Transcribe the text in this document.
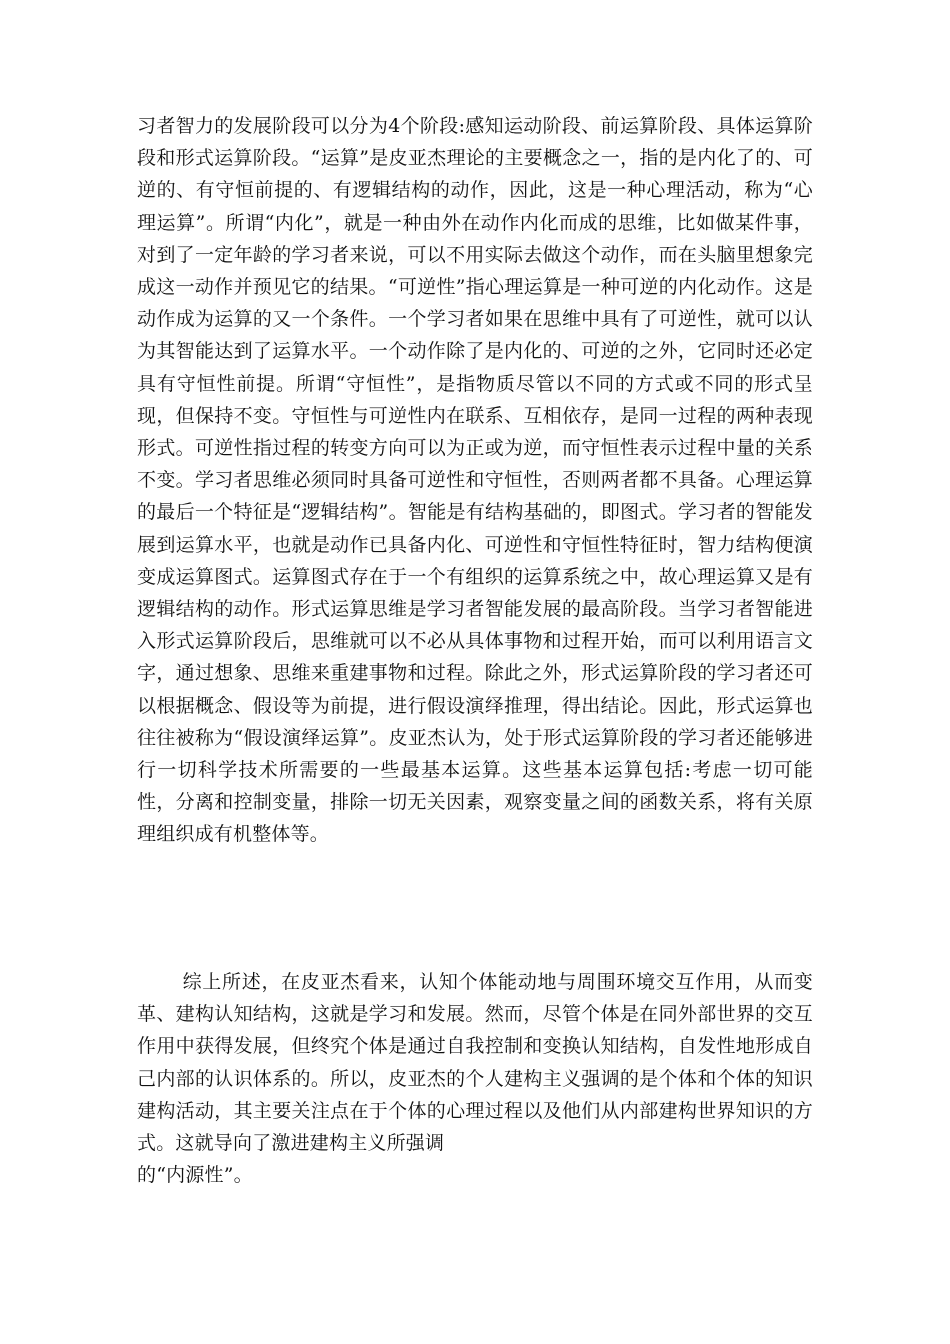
习者智力的发展阶段可以分为4个阶段:感知运动阶段、前运算阶段、具体运算阶段和形式运算阶段。“运算”是皮亚杰理论的主要概念之一，指的是内化了的、可逆的、有守恒前提的、有逻辑结构的动作，因此，这是一种心理活动，称为“心理运算”。所谓“内化”，就是一种由外在动作内化而成的思维，比如做某件事，对到了一定年龄的学习者来说，可以不用实际去做这个动作，而在头脑里想象完成这一动作并预见它的结果。“可逆性”指心理运算是一种可逆的内化动作。这是动作成为运算的又一个条件。一个学习者如果在思维中具有了可逆性，就可以认为其智能达到了运算水平。一个动作除了是内化的、可逆的之外，它同时还必定具有守恒性前提。所谓“守恒性”，是指物质尽管以不同的方式或不同的形式呈现，但保持不变。守恒性与可逆性内在联系、互相依存，是同一过程的两种表现形式。可逆性指过程的转变方向可以为正或为逆，而守恒性表示过程中量的关系不变。学习者思维必须同时具备可逆性和守恒性，否则两者都不具备。心理运算的最后一个特征是“逻辑结构”。智能是有结构基础的，即图式。学习者的智能发展到运算水平，也就是动作已具备内化、可逆性和守恒性特征时，智力结构便演变成运算图式。运算图式存在于一个有组织的运算系统之中，故心理运算又是有逻辑结构的动作。形式运算思维是学习者智能发展的最高阶段。当学习者智能进入形式运算阶段后，思维就可以不必从具体事物和过程开始，而可以利用语言文字，通过想象、思维来重建事物和过程。除此之外，形式运算阶段的学习者还可以根据概念、假设等为前提，进行假设演绎推理，得出结论。因此，形式运算也往往被称为“假设演绎运算”。皮亚杰认为，处于形式运算阶段的学习者还能够进行一切科学技术所需要的一些最基本运算。这些基本运算包括:考虑一切可能性，分离和控制变量，排除一切无关因素，观察变量之间的函数关系，将有关原理组织成有机整体等。

综上所述，在皮亚杰看来，认知个体能动地与周围环境交互作用，从而变革、建构认知结构，这就是学习和发展。然而，尽管个体是在同外部世界的交互作用中获得发展，但终究个体是通过自我控制和变换认知结构，自发性地形成自己内部的认识体系的。所以，皮亚杰的个人建构主义强调的是个体和个体的知识建构活动，其主要关注点在于个体的心理过程以及他们从内部建构世界知识的方式。这就导向了激进建构主义所强调
的“内源性”。
